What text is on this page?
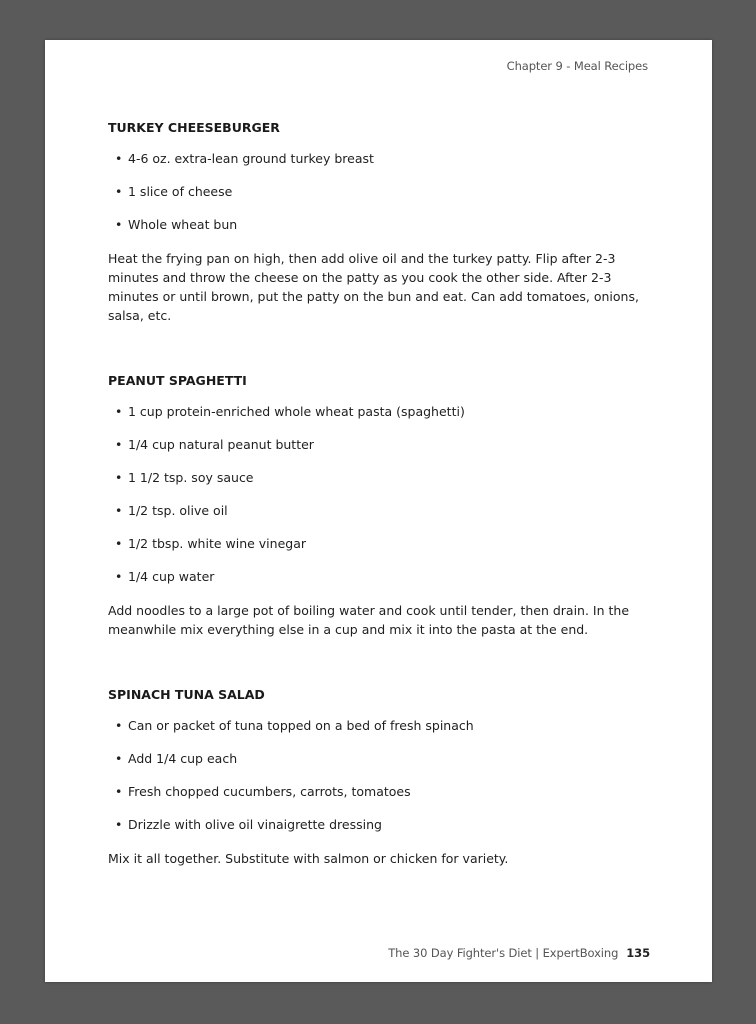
Chapter 9 - Meal Recipes
TURKEY CHEESEBURGER
• 4-6 oz. extra-lean ground turkey breast
• 1 slice of cheese
• Whole wheat bun

Heat the frying pan on high, then add olive oil and the turkey patty. Flip after 2-3 minutes and throw the cheese on the patty as you cook the other side. After 2-3 minutes or until brown, put the patty on the bun and eat. Can add tomatoes, onions, salsa, etc.

PEANUT SPAGHETTI
• 1 cup protein-enriched whole wheat pasta (spaghetti)
• 1/4 cup natural peanut butter
• 1 1/2 tsp. soy sauce
• 1/2 tsp. olive oil
• 1/2 tbsp. white wine vinegar
• 1/4 cup water

Add noodles to a large pot of boiling water and cook until tender, then drain. In the meanwhile mix everything else in a cup and mix it into the pasta at the end.

SPINACH TUNA SALAD
• Can or packet of tuna topped on a bed of fresh spinach
• Add 1/4 cup each
• Fresh chopped cucumbers, carrots, tomatoes
• Drizzle with olive oil vinaigrette dressing

Mix it all together. Substitute with salmon or chicken for variety.

The 30 Day Fighter's Diet | ExpertBoxing 135
